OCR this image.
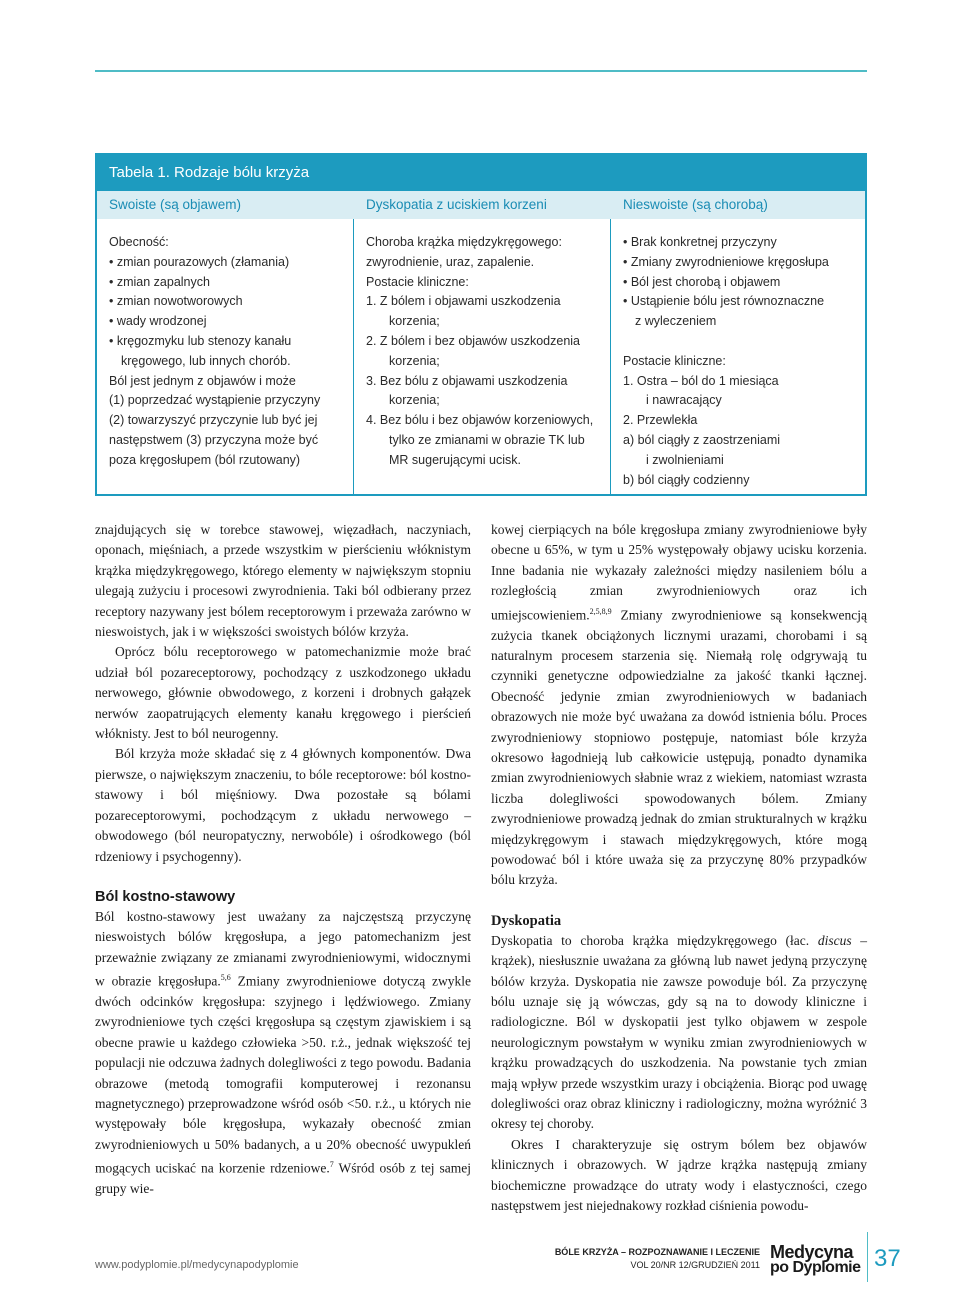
Tabela 1. Rodzaje bólu krzyża
Swoiste (są objawem)	Dyskopatia z uciskiem korzeni	Nieswoiste (są chorobą)
Obecność:
• zmian pourazowych (złamania)
• zmian zapalnych
• zmian nowotworowych
• wady wrodzonej
• kręgozmyku lub stenozy kanału
kręgowego, lub innych chorób.
Ból jest jednym z objawów i może
(1) poprzedzać wystąpienie przyczyny
(2) towarzyszyć przyczynie lub być jej
następstwem (3) przyczyna może być
poza kręgosłupem (ból rzutowany)
Choroba krążka międzykręgowego:
zwyrodnienie, uraz, zapalenie.
Postacie kliniczne:
1. Z bólem i objawami uszkodzenia
korzenia;
2. Z bólem i bez objawów uszkodzenia
korzenia;
3. Bez bólu z objawami uszkodzenia
korzenia;
4. Bez bólu i bez objawów korzeniowych,
tylko ze zmianami w obrazie TK lub
MR sugerującymi ucisk.
• Brak konkretnej przyczyny
• Zmiany zwyrodnieniowe kręgosłupa
• Ból jest chorobą i objawem
• Ustąpienie bólu jest równoznaczne
z wyleczeniem
Postacie kliniczne:
1. Ostra – ból do 1 miesiąca
i nawracający
2. Przewlekła
a) ból ciągły z zaostrzeniami
i zwolnieniami
b) ból ciągły codzienny

znajdujących się w torebce stawowej, więzadłach, naczyniach, oponach, mięśniach, a przede wszystkim w pierścieniu włóknistym krążka międzykręgowego, którego elementy w największym stopniu ulegają zużyciu i procesowi zwyrodnienia. Taki ból odbierany przez receptory nazywany jest bólem receptorowym i przeważa zarówno w nieswoistych, jak i w większości swoistych bólów krzyża.

Oprócz bólu receptorowego w patomechanizmie może brać udział ból pozareceptorowy, pochodzący z uszkodzonego układu nerwowego, głównie obwodowego, z korzeni i drobnych gałązek nerwów zaopatrujących elementy kanału kręgowego i pierścień włóknisty. Jest to ból neurogenny.

Ból krzyża może składać się z 4 głównych komponentów. Dwa pierwsze, o największym znaczeniu, to bóle receptorowe: ból kostno-stawowy i ból mięśniowy. Dwa pozostałe są bólami pozareceptorowymi, pochodzącym z układu nerwowego – obwodowego (ból neuropatyczny, nerwobóle) i ośrodkowego (ból rdzeniowy i psychogenny).

Ból kostno-stawowy

Ból kostno-stawowy jest uważany za najczęstszą przyczynę nieswoistych bólów kręgosłupa, a jego patomechanizm jest przeważnie związany ze zmianami zwyrodnieniowymi, widocznymi w obrazie kręgosłupa.$^{5,6}$ Zmiany zwyrodnieniowe dotyczą zwykle dwóch odcinków kręgosłupa: szyjnego i lędźwiowego. Zmiany zwyrodnieniowe tych części kręgosłupa są częstym zjawiskiem i są obecne prawie u każdego człowieka >50. r.ż., jednak większość tej populacji nie odczuwa żadnych dolegliwości z tego powodu. Badania obrazowe (metodą tomografii komputerowej i rezonansu magnetycznego) przeprowadzone wśród osób <50. r.ż., u których nie występowały bóle kręgosłupa, wykazały obecność zmian zwyrodnieniowych u 50% badanych, a u 20% obecność uwypukleń mogących uciskać na korzenie rdzeniowe.$^7$ Wśród osób z tej samej grupy wie-

kowej cierpiących na bóle kręgosłupa zmiany zwyrodnieniowe były obecne u 65%, w tym u 25% występowały objawy ucisku korzenia. Inne badania nie wykazały zależności między nasileniem bólu a rozległością zmian zwyrodnieniowych oraz ich umiejscowieniem.$^{2,5,8,9}$ Zmiany zwyrodnieniowe są konsekwencją zużycia tkanek obciążonych licznymi urazami, chorobami i są naturalnym procesem starzenia się. Niemałą rolę odgrywają tu czynniki genetyczne odpowiedzialne za jakość tkanki łącznej. Obecność jedynie zmian zwyrodnieniowych w badaniach obrazowych nie może być uważana za dowód istnienia bólu. Proces zwyrodnieniowy stopniowo postępuje, natomiast bóle krzyża okresowo łagodnieją lub całkowicie ustępują, ponadto dynamika zmian zwyrodnieniowych słabnie wraz z wiekiem, natomiast wzrasta liczba dolegliwości spowodowanych bólem. Zmiany zwyrodnieniowe prowadzą jednak do zmian strukturalnych w krążku międzykręgowym i stawach międzykręgowych, które mogą powodować ból i które uważa się za przyczynę 80% przypadków bólu krzyża.

Dyskopatia

Dyskopatia to choroba krążka międzykręgowego (łac. discus – krążek), niesłusznie uważana za główną lub nawet jedyną przyczynę bólów krzyża. Dyskopatia nie zawsze powoduje ból. Za przyczynę bólu uznaje się ją wówczas, gdy są na to dowody kliniczne i radiologiczne. Ból w dyskopatii jest tylko objawem w zespole neurologicznym powstałym w wyniku zmian zwyrodnieniowych w krążku prowadzących do uszkodzenia. Na powstanie tych zmian mają wpływ przede wszystkim urazy i obciążenia. Biorąc pod uwagę dolegliwości oraz obraz kliniczny i radiologiczny, można wyróżnić 3 okresy tej choroby.

Okres I charakteryzuje się ostrym bólem bez objawów klinicznych i obrazowych. W jądrze krążka następują zmiany biochemiczne prowadzące do utraty wody i elastyczności, czego następstwem jest niejednakowy rozkład ciśnienia powodu-

www.podyplomie.pl/medycynapodyplomie
BÓLE KRZYŻA – ROZPOZNAWANIE I LECZENIE
VOL 20/NR 12/GRUDZIEŃ 2011
Medycyna
po Dyplomie 37
